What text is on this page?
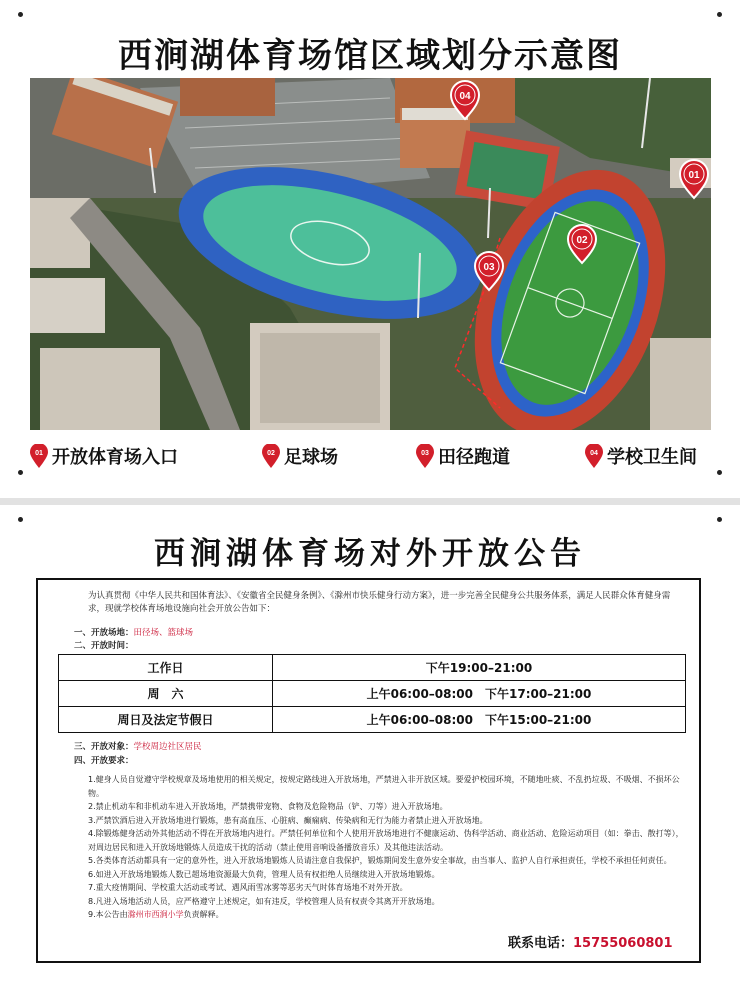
西涧湖体育场馆区域划分示意图
01
02
03
04
01 开放体育场入口	02 足球场	03 田径跑道	04 学校卫生间
西涧湖体育场对外开放公告
为认真贯彻《中华人民共和国体育法》、《安徽省全民健身条例》、《滁州市快乐健身行动方案》，进一步完善全民健身公共服务体系，满足人民群众体育健身需求，现就学校体育场地设施向社会开放公告如下：
一、开放场地：田径场、篮球场
二、开放时间：
工作日	下午19:00–21:00
周　六	上午06:00–08:00　下午17:00–21:00
周日及法定节假日	上午06:00–08:00　下午15:00–21:00
三、开放对象：学校周边社区居民
四、开放要求：

1.健身人员自觉遵守学校规章及场地使用的相关规定，按规定路线进入开放场地，严禁进入非开放区域。要爱护校园环境，不随地吐痰、不乱扔垃圾、不吸烟、不损坏公物。

2.禁止机动车和非机动车进入开放场地，严禁携带宠物、食物及危险物品（铲、刀等）进入开放场地。

3.严禁饮酒后进入开放场地进行锻炼，患有高血压、心脏病、癫痫病、传染病和无行为能力者禁止进入开放场地。

4.除锻炼健身活动外其他活动不得在开放场地内进行。严禁任何单位和个人使用开放场地进行不健康运动、伪科学活动、商业活动、危险运动项目（如：拳击、散打等），对周边居民和进入开放场地锻炼人员造成干扰的活动（禁止使用音响设备播放音乐）及其他违法活动。

5.各类体育活动都具有一定的意外性，进入开放场地锻炼人员请注意自我保护，锻炼期间发生意外安全事故，由当事人、监护人自行承担责任，学校不承担任何责任。

6.如进入开放场地锻炼人数已超场地资源最大负荷，管理人员有权拒绝人员继续进入开放场地锻炼。

7.重大疫情期间、学校重大活动或考试、遇风雨雪冰雾等恶劣天气时体育场地不对外开放。

8.凡进入场地活动人员，应严格遵守上述规定，如有违反，学校管理人员有权责令其离开开放场地。

9.本公告由滁州市西涧小学负责解释。

联系电话：15755060801
